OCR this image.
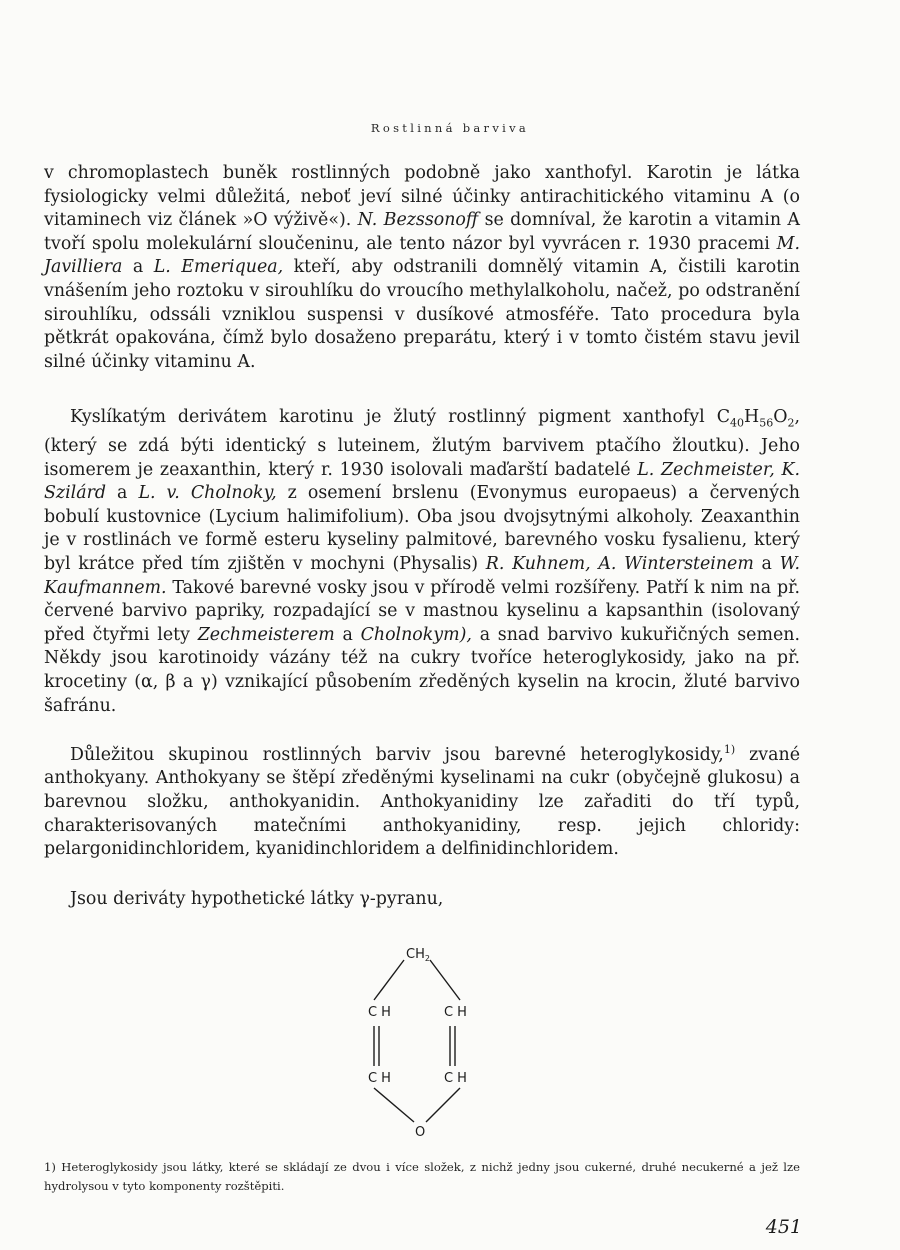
Rostlinná barviva

v chromoplastech buněk rostlinných podobně jako xanthofyl. Karotin je látka fysiologicky velmi důležitá, neboť jeví silné účinky antirachitického vitaminu A (o vitaminech viz článek »O výživě«). N. Bezssonoff se domníval, že karotin a vitamin A tvoří spolu molekulární sloučeninu, ale tento názor byl vyvrácen r. 1930 pracemi M. Javilliera a L. Emeriquea, kteří, aby odstranili domnělý vitamin A, čistili karotin vnášením jeho roztoku v sirouhlíku do vroucího methylalkoholu, načež, po odstranění sirouhlíku, odssáli vzniklou suspensi v dusíkové atmosféře. Tato procedura byla pětkrát opakována, čímž bylo dosaženo preparátu, který i v tomto čistém stavu jevil silné účinky vitaminu A.

Kyslíkatým derivátem karotinu je žlutý rostlinný pigment xanthofyl $C_{40}H_{56}O_2$, (který se zdá býti identický s luteinem, žlutým barvivem ptačího žloutku). Jeho isomerem je zeaxanthin, který r. 1930 isolovali maďarští badatelé L. Zechmeister, K. Szilárd a L. v. Cholnoky, z osemení brslenu (Evonymus europaeus) a červených bobulí kustovnice (Lycium halimifolium). Oba jsou dvojsytnými alkoholy. Zeaxanthin je v rostlinách ve formě esteru kyseliny palmitové, barevného vosku fysalienu, který byl krátce před tím zjištěn v mochyni (Physalis) R. Kuhnem, A. Wintersteinem a W. Kaufmannem. Takové barevné vosky jsou v přírodě velmi rozšířeny. Patří k nim na př. červené barvivo papriky, rozpadající se v mastnou kyselinu a kapsanthin (isolovaný před čtyřmi lety Zechmeisterem a Cholnokym), a snad barvivo kukuřičných semen. Někdy jsou karotinoidy vázány též na cukry tvoříce heteroglykosidy, jako na př. krocetiny (α, β a γ) vznikající působením zředěných kyselin na krocin, žluté barvivo šafránu.

Důležitou skupinou rostlinných barviv jsou barevné heteroglykosidy,$^{1)}$ zvané anthokyany. Anthokyany se štěpí zředěnými kyselinami na cukr (obyčejně glukosu) a barevnou složku, anthokyanidin. Anthokyanidiny lze zařaditi do tří typů, charakterisovaných matečními anthokyanidiny, resp. jejich chloridy: pelargonidinchloridem, kyanidinchloridem a delfinidinchloridem.

Jsou deriváty hypothetické látky γ-pyranu,

$CH_2$
CH	CH
CH	CH
O

1) Heteroglykosidy jsou látky, které se skládají ze dvou i více složek, z nichž jedny jsou cukerné, druhé necukerné a jež lze hydrolysou v tyto komponenty rozštěpiti.

451
